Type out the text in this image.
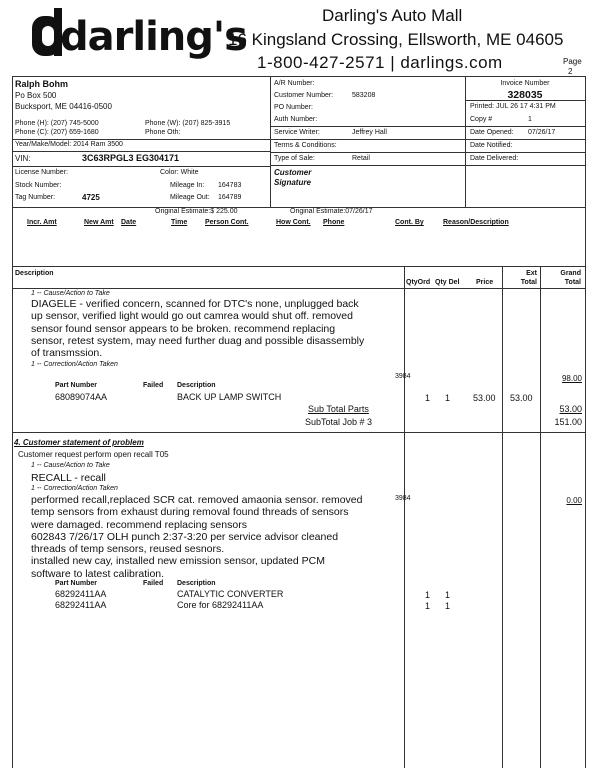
darling's	Darling's Auto Mall
16 Kingsland Crossing, Ellsworth, ME 04605
1-800-427-2571 | darlings.com	Page
2
Ralph Bohm
Po Box 500
Bucksport, ME 04416-0500
Phone (H): (207) 745-5000	Phone (W): (207) 825-3915
Phone (C): (207) 659-1680	Phone Oth:
Year/Make/Model: 2014 Ram 3500
VIN:	3C63RPGL3 EG304171
License Number:	Color: White
Stock Number:	Mileage In: 164783
Tag Number:	4725	Mileage Out: 164789
A/R Number:
Customer Number:	583208
PO Number:
Auth Number:
Service Writer:	Jeffrey Hall
Terms & Conditions:
Type of Sale:	Retail
Customer Signature
Invoice Number
328035
Printed: JUL 26 17 4:31 PM
Copy #	1
Date Opened: 07/26/17
Date Notified:
Date Delivered:
Original Estimate:$ 225.00	Original Estimate:07/26/17
Incr. Amt	New Amt Date	Time	Person Cont.	How Cont. Phone	Cont. By	Reason/Description
Description
QtyOrd Qty Del Price
Ext
Total
Grand
Total
1 -- Cause/Action to Take
DIAGELE - verified concern, scanned for DTC's none, unplugged back
up sensor, verified light would go out camrea would shut off. removed
sensor found sensor appears to be broken. recommend replacing
sensor, retest system, may need further duag and possible disassembly
of transmssion.
1 -- Correction/Action Taken
3984	98.00
Part Number	Failed Description
68089074AA	BACK UP LAMP SWITCH	1 1	53.00 53.00
Sub Total Parts	53.00
SubTotal Job # 3	151.00
4. Customer statement of problem
Customer request perform open recall T05
1 -- Cause/Action to Take
RECALL - recall
1 -- Correction/Action Taken
performed recall,replaced SCR cat. removed amaonia sensor. removed
temp sensors from exhaust during removal found threads of sensors
were damaged. recommend replacing sensors
602843 7/26/17 OLH punch 2:37-3:20 per service advisor cleaned
threads of temp sensors, reused sesnors.
installed new cay, installed new emission sensor, updated PCM
software to latest calibration.
3984	0.00
Part Number	Failed Description
68292411AA	CATALYTIC CONVERTER	1 1
68292411AA	Core for 68292411AA	1 1
